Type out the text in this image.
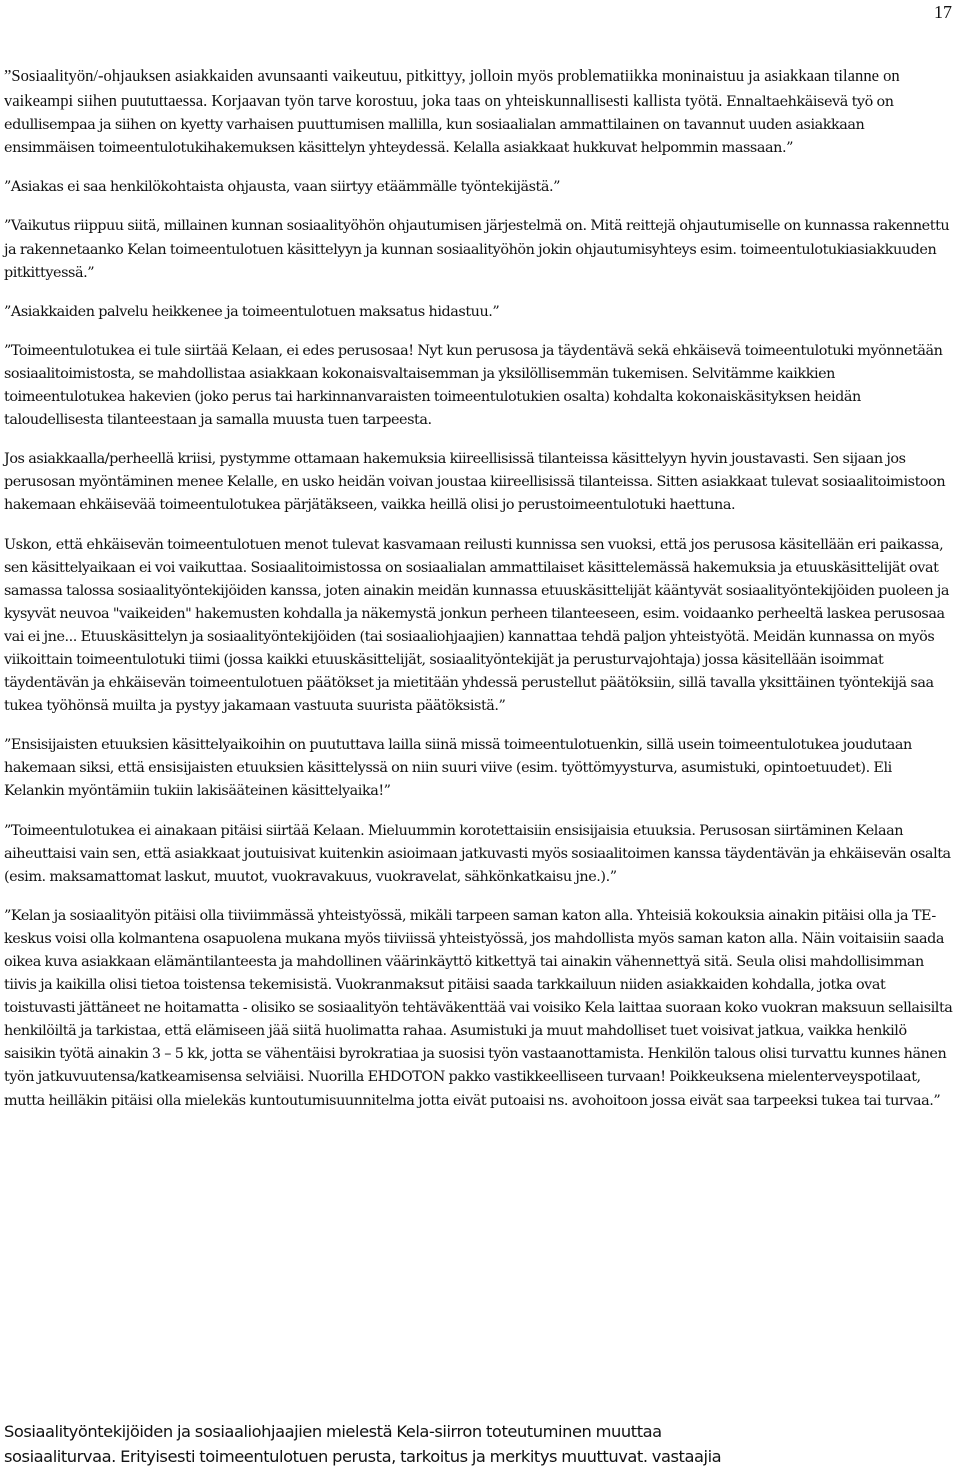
17

”Sosiaalityön/-ohjauksen asiakkaiden avunsaanti vaikeutuu, pitkittyy, jolloin myös problematiikka moninaistuu ja asiakkaan tilanne on vaikeampi siihen puututtaessa. Korjaavan työn tarve korostuu, joka taas on yhteiskunnallisesti kallista työtä. Ennaltaehkäisevä työ on edullisempaa ja siihen on kyetty varhaisen puuttumisen mallilla, kun sosiaalialan ammattilainen on tavannut uuden asiakkaan ensimmäisen toimeentulotukihakemuksen käsittelyn yhteydessä. Kelalla asiakkaat hukkuvat helpommin massaan.”

”Asiakas ei saa henkilökohtaista ohjausta, vaan siirtyy etäämmälle työntekijästä.”

”Vaikutus riippuu siitä, millainen kunnan sosiaalityöhön ohjautumisen järjestelmä on. Mitä reittejä ohjautumiselle on kunnassa rakennettu ja rakennetaanko Kelan toimeentulotuen käsittelyyn ja kunnan sosiaalityöhön jokin ohjautumisyhteys esim. toimeentulotukiasiakkuuden pitkittyessä.”

”Asiakkaiden palvelu heikkenee ja toimeentulotuen maksatus hidastuu.”

”Toimeentulotukea ei tule siirtää Kelaan, ei edes perusosaa! Nyt kun perusosa ja täydentävä sekä ehkäisevä toimeentulotuki myönnetään sosiaalitoimistosta, se mahdollistaa asiakkaan kokonaisvaltaisemman ja yksilöllisemmän tukemisen. Selvitämme kaikkien toimeentulotukea hakevien (joko perus tai harkinnanvaraisten toimeentulotukien osalta) kohdalta kokonaiskäsityksen heidän taloudellisesta tilanteestaan ja samalla muusta tuen tarpeesta.

Jos asiakkaalla/perheellä kriisi, pystymme ottamaan hakemuksia kiireellisissä tilanteissa käsittelyyn hyvin joustavasti. Sen sijaan jos perusosan myöntäminen menee Kelalle, en usko heidän voivan joustaa kiireellisissä tilanteissa. Sitten asiakkaat tulevat sosiaalitoimistoon hakemaan ehkäisevää toimeentulotukea pärjätäkseen, vaikka heillä olisi jo perustoimeentulotuki haettuna.

Uskon, että ehkäisevän toimeentulotuen menot tulevat kasvamaan reilusti kunnissa sen vuoksi, että jos perusosa käsitellään eri paikassa, sen käsittelyaikaan ei voi vaikuttaa. Sosiaalitoimistossa on sosiaalialan ammattilaiset käsittelemässä hakemuksia ja etuuskäsittelijät ovat samassa talossa sosiaalityöntekijöiden kanssa, joten ainakin meidän kunnassa etuuskäsittelijät kääntyvät sosiaalityöntekijöiden puoleen ja kysyvät neuvoa "vaikeiden" hakemusten kohdalla ja näkemystä jonkun perheen tilanteeseen, esim. voidaanko perheeltä laskea perusosaa vai ei jne... Etuuskäsittelyn ja sosiaalityöntekijöiden (tai sosiaaliohjaajien) kannattaa tehdä paljon yhteistyötä. Meidän kunnassa on myös viikoittain toimeentulotuki tiimi (jossa kaikki etuuskäsittelijät, sosiaalityöntekijät ja perusturvajohtaja) jossa käsitellään isoimmat täydentävän ja ehkäisevän toimeentulotuen päätökset ja mietitään yhdessä perustellut päätöksiin, sillä tavalla yksittäinen työntekijä saa tukea työhönsä muilta ja pystyy jakamaan vastuuta suurista päätöksistä.”

”Ensisijaisten etuuksien käsittelyaikoihin on puututtava lailla siinä missä toimeentulotuenkin, sillä usein toimeentulotukea joudutaan hakemaan siksi, että ensisijaisten etuuksien käsittelyssä on niin suuri viive (esim. työttömyysturva, asumistuki, opintoetuudet). Eli Kelankin myöntämiin tukiin lakisääteinen käsittelyaika!”

”Toimeentulotukea ei ainakaan pitäisi siirtää Kelaan. Mieluummin korotettaisiin ensisijaisia etuuksia. Perusosan siirtäminen Kelaan aiheuttaisi vain sen, että asiakkaat joutuisivat kuitenkin asioimaan jatkuvasti myös sosiaalitoimen kanssa täydentävän ja ehkäisevän osalta (esim. maksamattomat laskut, muutot, vuokravakuus, vuokravelat, sähkönkatkaisu jne.).”

”Kelan ja sosiaalityön pitäisi olla tiiviimmässä yhteistyössä, mikäli tarpeen saman katon alla. Yhteisiä kokouksia ainakin pitäisi olla ja TE-keskus voisi olla kolmantena osapuolena mukana myös tiiviissä yhteistyössä, jos mahdollista myös saman katon alla. Näin voitaisiin saada oikea kuva asiakkaan elämäntilanteesta ja mahdollinen väärinkäyttö kitkettyä tai ainakin vähennettyä sitä. Seula olisi mahdollisimman tiivis ja kaikilla olisi tietoa toistensa tekemisistä. Vuokranmaksut pitäisi saada tarkkailuun niiden asiakkaiden kohdalla, jotka ovat toistuvasti jättäneet ne hoitamatta - olisiko se sosiaalityön tehtäväkenttää vai voisiko Kela laittaa suoraan koko vuokran maksuun sellaisilta henkilöiltä ja tarkistaa, että elämiseen jää siitä huolimatta rahaa. Asumistuki ja muut mahdolliset tuet voisivat jatkua, vaikka henkilö saisikin työtä ainakin 3 – 5 kk, jotta se vähentäisi byrokratiaa ja suosisi työn vastaanottamista. Henkilön talous olisi turvattu kunnes hänen työn jatkuvuutensa/katkeamisensa selviäisi. Nuorilla EHDOTON pakko vastikkeelliseen turvaan! Poikkeuksena mielenterveyspotilaat, mutta heilläkin pitäisi olla mielekäs kuntoutumisuunnitelma jotta eivät putoaisi ns. avohoitoon jossa eivät saa tarpeeksi tukea tai turvaa.”

Sosiaalityöntekijöiden ja sosiaaliohjaajien mielestä Kela-siirron toteutuminen muuttaa
sosiaaliturvaa. Erityisesti toimeentulotuen perusta, tarkoitus ja merkitys muuttuvat. vastaajia
